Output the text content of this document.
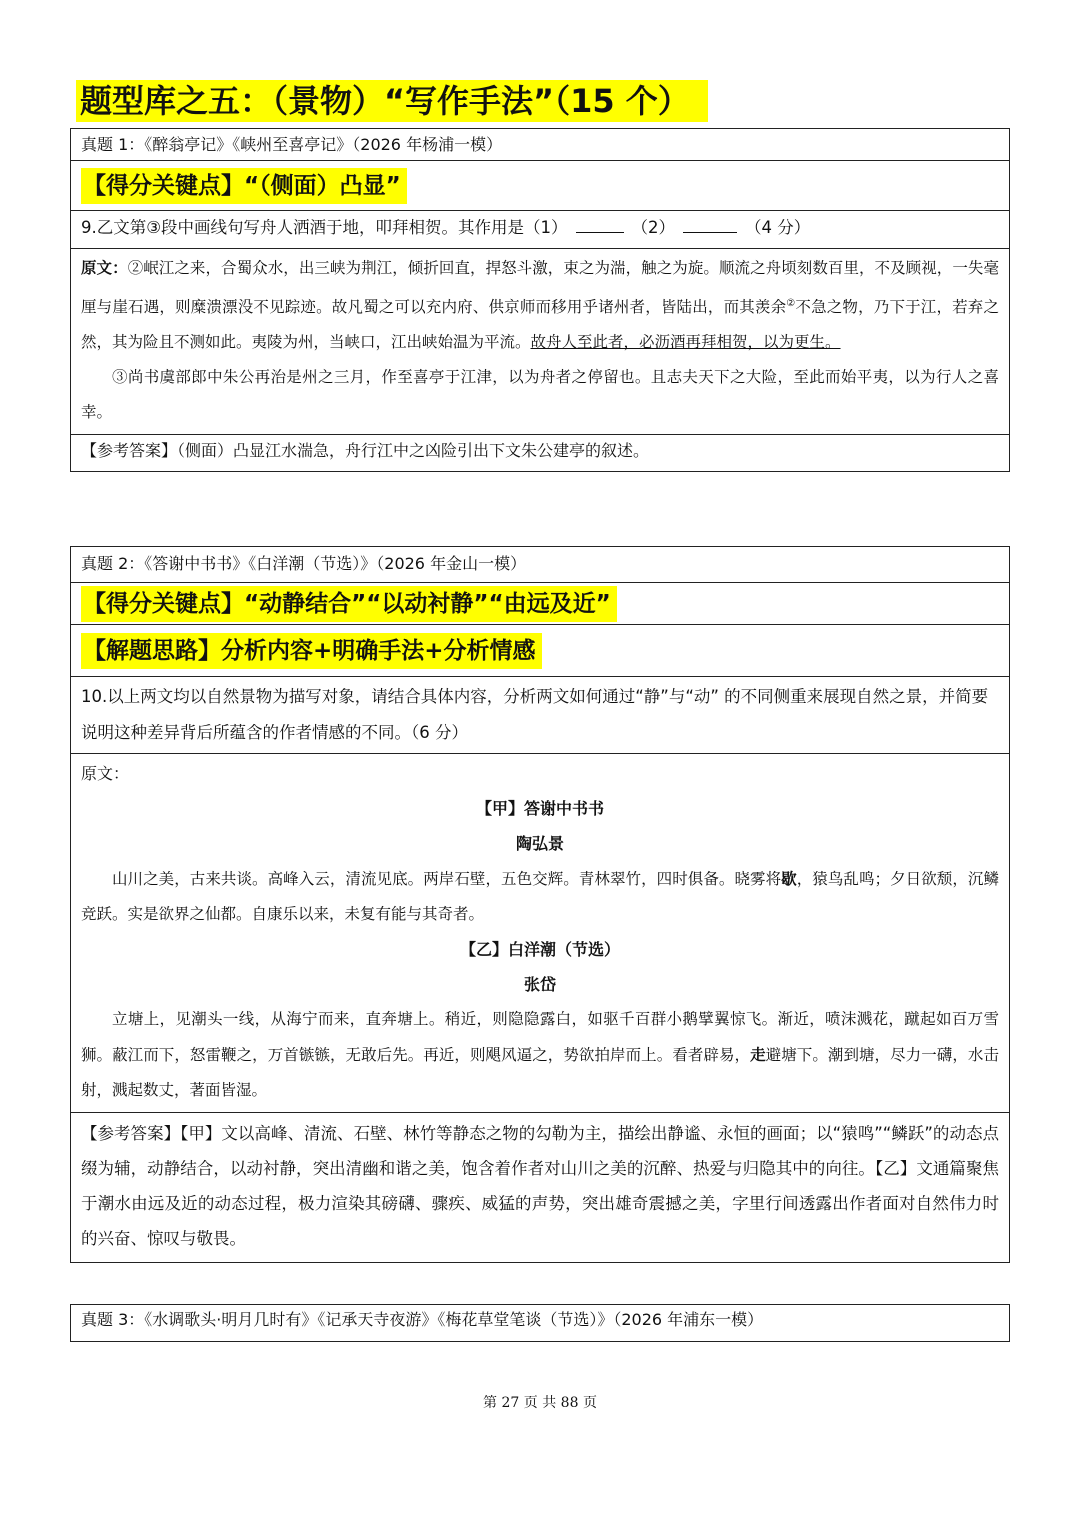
题型库之五：（景物）“写作手法”（15 个）
真题 1：《醉翁亭记》《峡州至喜亭记》（2026 年杨浦一模）
【得分关键点】“（侧面）凸显”
9.乙文第③段中画线句写舟人洒酒于地，叩拜相贺。其作用是（1）	（2）	（4 分）

原文：②岷江之来，合蜀众水，出三峡为荆江，倾折回直，捍怒斗激，束之为湍，触之为旋。顺流之舟顷刻数百里，不及顾视，一失毫厘与崖石遇，则糜溃漂没不见踪迹。故凡蜀之可以充内府、供京师而移用乎诸州者，皆陆出，而其羡余②不急之物，乃下于江，若弃之然，其为险且不测如此。夷陵为州，当峡口，江出峡始温为平流。故舟人至此者，必沥酒再拜相贺，以为更生。

③尚书虞部郎中朱公再治是州之三月，作至喜亭于江津，以为舟者之停留也。且志夫天下之大险，至此而始平夷，以为行人之喜幸。

【参考答案】（侧面）凸显江水湍急，舟行江中之凶险引出下文朱公建亭的叙述。
真题 2：《答谢中书书》《白洋潮（节选）》（2026 年金山一模）
【得分关键点】“动静结合”“以动衬静”“由远及近”
【解题思路】分析内容+明确手法+分析情感
10.以上两文均以自然景物为描写对象，请结合具体内容，分析两文如何通过“静”与“动” 的不同侧重来展现自然之景，并简要说明这种差异背后所蕴含的作者情感的不同。（6 分）

原文：

【甲】答谢中书书

陶弘景

山川之美，古来共谈。高峰入云，清流见底。两岸石壁，五色交辉。青林翠竹，四时俱备。晓雾将歇，猿鸟乱鸣；夕日欲颓，沉鳞竞跃。实是欲界之仙都。自康乐以来，未复有能与其奇者。

【乙】白洋潮（节选）

张岱

立塘上，见潮头一线，从海宁而来，直奔塘上。稍近，则隐隐露白，如驱千百群小鹅擘翼惊飞。渐近，喷沫溅花，蹴起如百万雪狮。蔽江而下，怒雷鞭之，万首镞镞，无敢后先。再近，则飓风逼之，势欲拍岸而上。看者辟易，走避塘下。潮到塘，尽力一礴，水击射，溅起数丈，著面皆湿。

【参考答案】【甲】文以高峰、清流、石壁、林竹等静态之物的勾勒为主，描绘出静谧、永恒的画面；以“猿鸣”“鳞跃”的动态点缀为辅，动静结合，以动衬静，突出清幽和谐之美，饱含着作者对山川之美的沉醉、热爱与归隐其中的向往。【乙】文通篇聚焦于潮水由远及近的动态过程，极力渲染其磅礴、骤疾、威猛的声势，突出雄奇震撼之美，字里行间透露出作者面对自然伟力时的兴奋、惊叹与敬畏。
真题 3：《水调歌头·明月几时有》《记承天寺夜游》《梅花草堂笔谈（节选）》（2026 年浦东一模）
第 27 页 共 88 页
